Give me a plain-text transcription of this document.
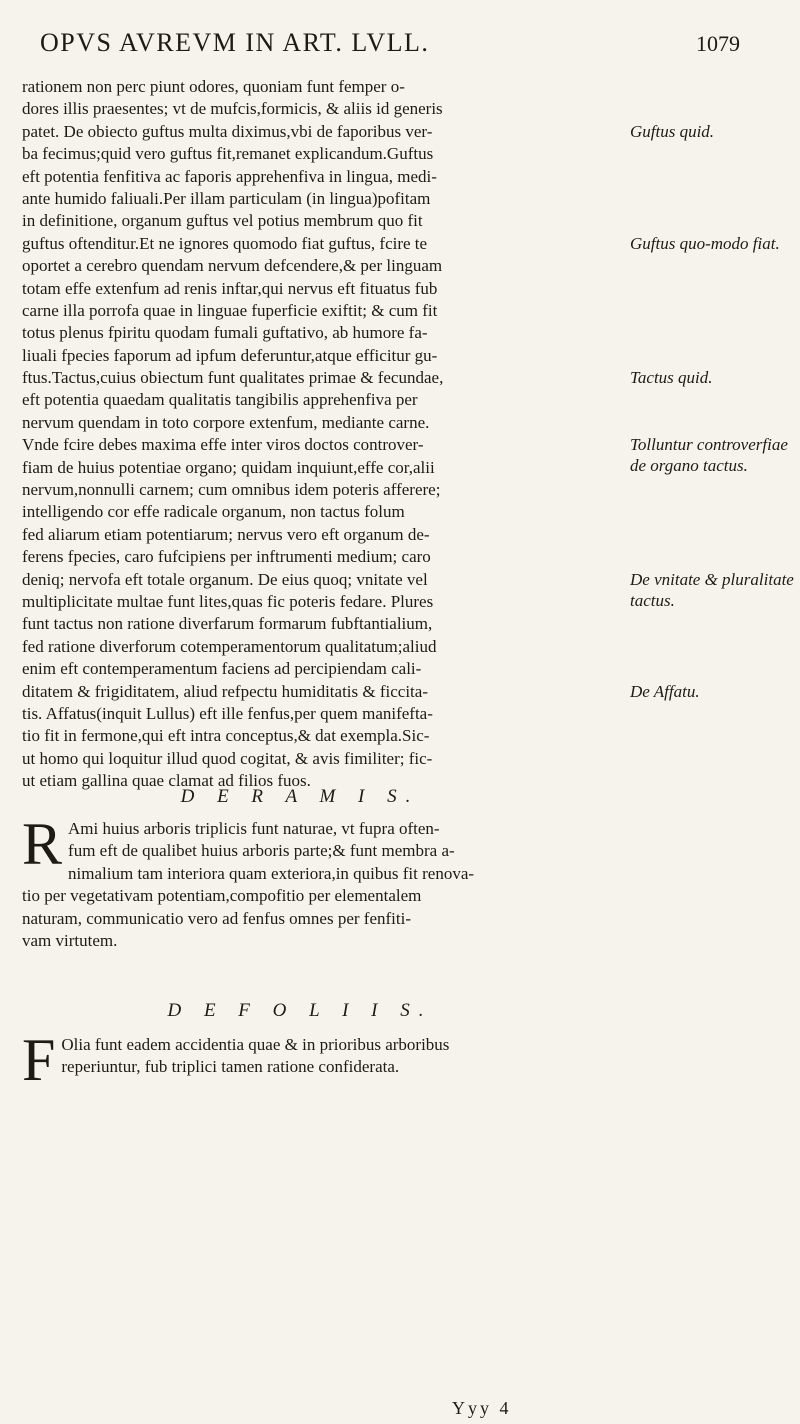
OPVS AVREVM IN ART. LVLL.	1079
rationem non perc piunt odores, quoniam funt femper o-
dores illis praesentes; vt de mufcis,formicis, & aliis id generis
patet. De obiecto guftus multa diximus,vbi de faporibus ver-
ba fecimus;quid vero guftus fit,remanet explicandum.Guftus
eft potentia fenfitiva ac faporis apprehenfiva in lingua, medi-
ante humido faliuali.Per illam particulam (in lingua)pofitam
in definitione, organum guftus vel potius membrum quo fit
guftus oftenditur.Et ne ignores quomodo fiat guftus, fcire te
oportet a cerebro quendam nervum defcendere,& per linguam
totam effe extenfum ad renis inftar,qui nervus eft fituatus fub
carne illa porrofa quae in linguae fuperficie exiftit; & cum fit
totus plenus fpiritu quodam fumali guftativo, ab humore fa-
liuali fpecies faporum ad ipfum deferuntur,atque efficitur gu-
ftus.Tactus,cuius obiectum funt qualitates primae & fecundae,
eft potentia quaedam qualitatis tangibilis apprehenfiva per
nervum quendam in toto corpore extenfum, mediante carne.
Vnde fcire debes maxima effe inter viros doctos controver-
fiam de huius potentiae organo; quidam inquiunt,effe cor,alii
nervum,nonnulli carnem; cum omnibus idem poteris afferere;
intelligendo cor effe radicale organum, non tactus folum
fed aliarum etiam potentiarum; nervus vero eft organum de-
ferens fpecies, caro fufcipiens per inftrumenti medium; caro
deniq; nervofa eft totale organum. De eius quoq; vnitate vel
multiplicitate multae funt lites,quas fic poteris fedare. Plures
funt tactus non ratione diverfarum formarum fubftantialium,
fed ratione diverforum cotemperamentorum qualitatum;aliud
enim eft contemperamentum faciens ad percipiendam cali-
ditatem & frigiditatem, aliud refpectu humiditatis & ficcita-
tis. Affatus(inquit Lullus) eft ille fenfus,per quem manifefta-
tio fit in fermone,qui eft intra conceptus,& dat exempla.Sic-
ut homo qui loquitur illud quod cogitat, & avis fimiliter; fic-
ut etiam gallina quae clamat ad filios fuos.
Guftus quid.
Guftus quo-modo fiat.
Tactus quid.
Tolluntur controverfiae de organo tactus.
De vnitate & pluralitate tactus.
De Affatu.
D E R A M I S.
R Ami huius arboris triplicis funt naturae, vt fupra often-
fum eft de qualibet huius arboris parte;& funt membra a-
nimalium tam interiora quam exteriora,in quibus fit renova-
tio per vegetativam potentiam,compofitio per elementalem
naturam, communicatio vero ad fenfus omnes per fenfiti-
vam virtutem.
D E F O L I I S.
F Olia funt eadem accidentia quae & in prioribus arboribus
reperiuntur, fub triplici tamen ratione confiderata.
Yyy 4
